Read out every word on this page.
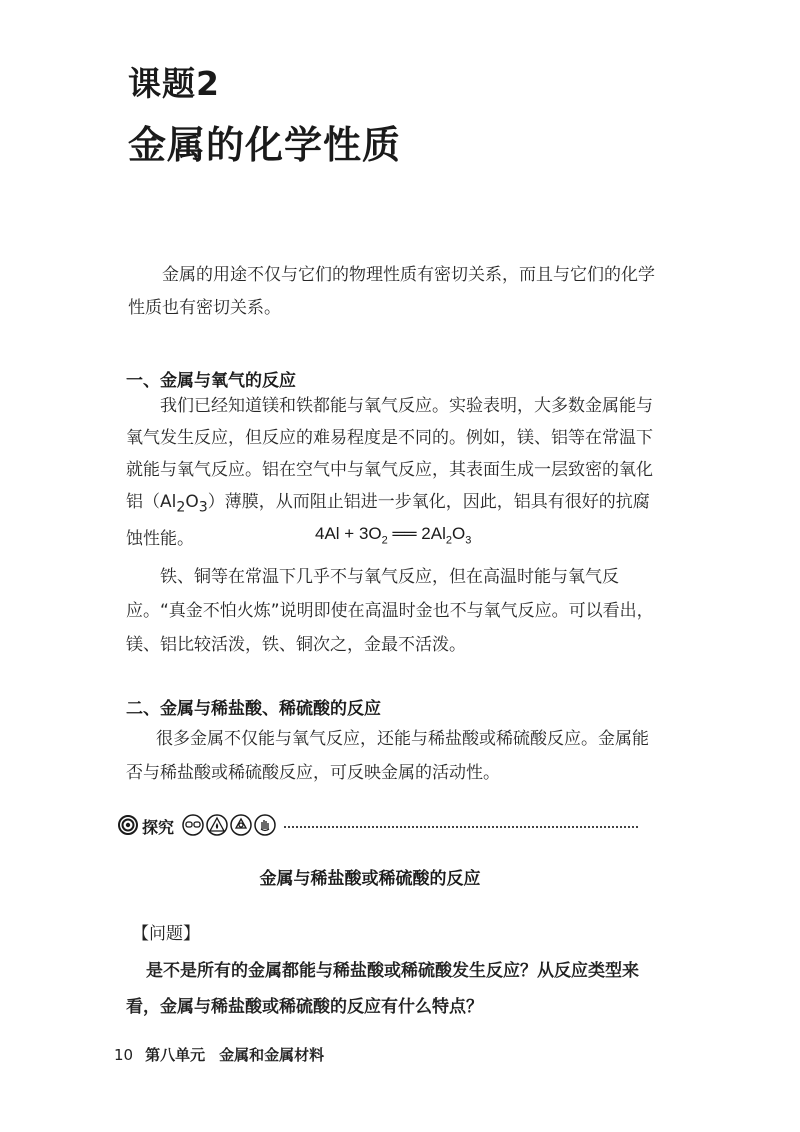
课题2
金属的化学性质
金属的用途不仅与它们的物理性质有密切关系，而且与它们的化学性质也有密切关系。
一、金属与氧气的反应
我们已经知道镁和铁都能与氧气反应。实验表明，大多数金属能与氧气发生反应，但反应的难易程度是不同的。例如，镁、铝等在常温下就能与氧气反应。铝在空气中与氧气反应，其表面生成一层致密的氧化铝$(Al_2O_3)$薄膜，从而阻止铝进一步氧化，因此，铝具有很好的抗腐蚀性能。	$4Al + 3O_2$ ══ $2Al_2O_3$
铁、铜等在常温下几乎不与氧气反应，但在高温时能与氧气反应。“真金不怕火炼”说明即使在高温时金也不与氧气反应。可以看出，镁、铝比较活泼，铁、铜次之，金最不活泼。
二、金属与稀盐酸、稀硫酸的反应
很多金属不仅能与氧气反应，还能与稀盐酸或稀硫酸反应。金属能否与稀盐酸或稀硫酸反应，可反映金属的活动性。
探究
金属与稀盐酸或稀硫酸的反应
【问题】
是不是所有的金属都能与稀盐酸或稀硫酸发生反应？从反应类型来看，金属与稀盐酸或稀硫酸的反应有什么特点？
10 第八单元 金属和金属材料
